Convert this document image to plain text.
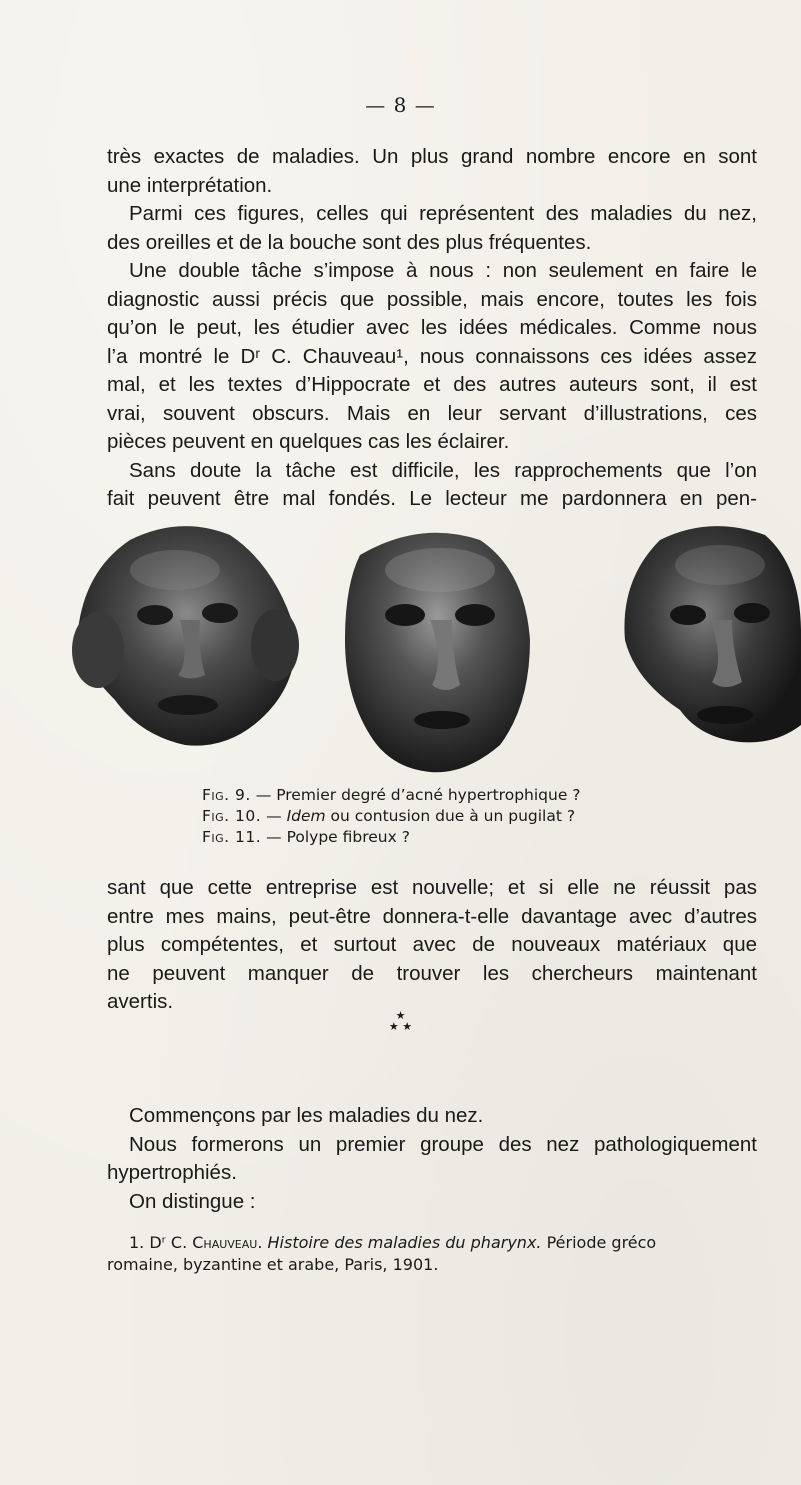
— 8 —
très exactes de maladies. Un plus grand nombre encore en sont
une interprétation.
Parmi ces figures, celles qui représentent des maladies du nez,
des oreilles et de la bouche sont des plus fréquentes.
Une double tâche s’impose à nous : non seulement en faire le
diagnostic aussi précis que possible, mais encore, toutes les fois
qu’on le peut, les étudier avec les idées médicales. Comme nous
l’a montré le Dʳ C. Chauveau¹, nous connaissons ces idées assez
mal, et les textes d’Hippocrate et des autres auteurs sont, il est
vrai, souvent obscurs. Mais en leur servant d’illustrations, ces
pièces peuvent en quelques cas les éclairer.
Sans doute la tâche est difficile, les rapprochements que l’on
fait peuvent être mal fondés. Le lecteur me pardonnera en pen-
Fig. 9. — Premier degré d’acné hypertrophique ?
Fig. 10. — Idem ou contusion due à un pugilat ?
Fig. 11. — Polype fibreux ?
sant que cette entreprise est nouvelle; et si elle ne réussit pas
entre mes mains, peut-être donnera-t-elle davantage avec d’autres
plus compétentes, et surtout avec de nouveaux matériaux que
ne peuvent manquer de trouver les chercheurs maintenant
avertis.
★
★ ★
Commençons par les maladies du nez.
Nous formerons un premier groupe des nez pathologiquement
hypertrophiés.
On distingue :
1. Dʳ C. Chauveau. Histoire des maladies du pharynx. Période gréco
romaine, byzantine et arabe, Paris, 1901.
